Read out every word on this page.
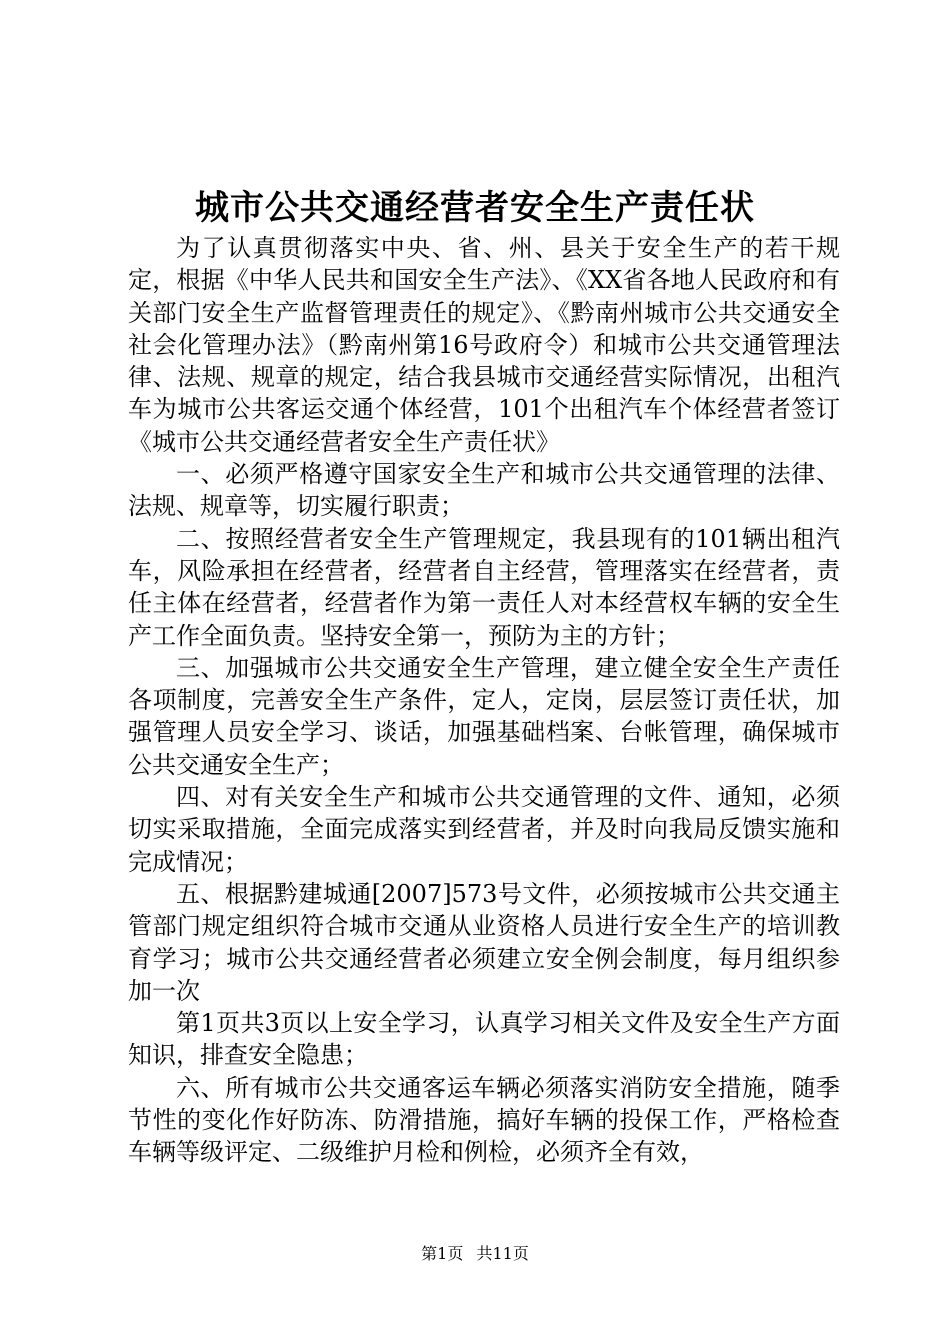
城市公共交通经营者安全生产责任状

为了认真贯彻落实中央、省、州、县关于安全生产的若干规定，根据《中华人民共和国安全生产法》、《XX省各地人民政府和有关部门安全生产监督管理责任的规定》、《黔南州城市公共交通安全社会化管理办法》（黔南州第16号政府令）和城市公共交通管理法律、法规、规章的规定，结合我县城市交通经营实际情况，出租汽车为城市公共客运交通个体经营，101个出租汽车个体经营者签订《城市公共交通经营者安全生产责任状》

一、必须严格遵守国家安全生产和城市公共交通管理的法律、法规、规章等，切实履行职责；

二、按照经营者安全生产管理规定，我县现有的101辆出租汽车，风险承担在经营者，经营者自主经营，管理落实在经营者，责任主体在经营者，经营者作为第一责任人对本经营权车辆的安全生产工作全面负责。坚持安全第一，预防为主的方针；

三、加强城市公共交通安全生产管理，建立健全安全生产责任各项制度，完善安全生产条件，定人，定岗，层层签订责任状，加强管理人员安全学习、谈话，加强基础档案、台帐管理，确保城市公共交通安全生产；

四、对有关安全生产和城市公共交通管理的文件、通知，必须切实采取措施，全面完成落实到经营者，并及时向我局反馈实施和完成情况；

五、根据黔建城通[2007]573号文件，必须按城市公共交通主管部门规定组织符合城市交通从业资格人员进行安全生产的培训教育学习；城市公共交通经营者必须建立安全例会制度，每月组织参加一次

第1页共3页以上安全学习，认真学习相关文件及安全生产方面知识，排查安全隐患；

六、所有城市公共交通客运车辆必须落实消防安全措施，随季节性的变化作好防冻、防滑措施，搞好车辆的投保工作，严格检查车辆等级评定、二级维护月检和例检，必须齐全有效，

第1页 共11页
